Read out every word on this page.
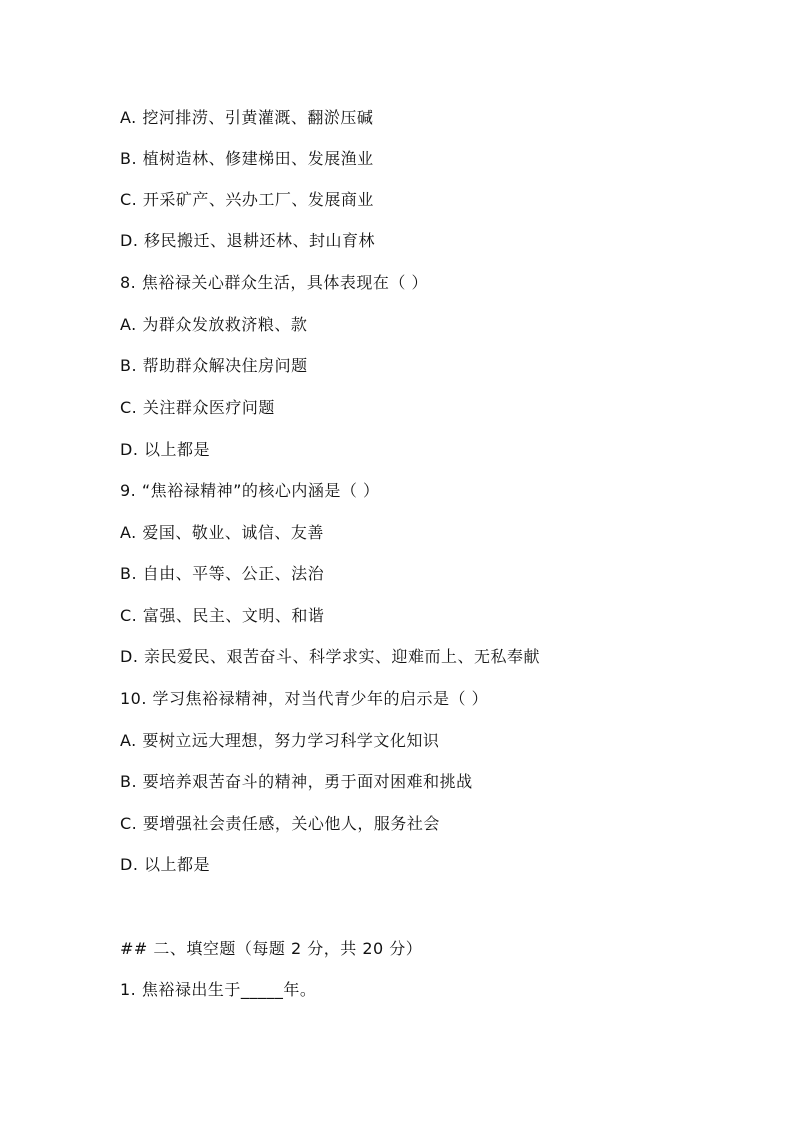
A. 挖河排涝、引黄灌溉、翻淤压碱
B. 植树造林、修建梯田、发展渔业
C. 开采矿产、兴办工厂、发展商业
D. 移民搬迁、退耕还林、封山育林
8. 焦裕禄关心群众生活，具体表现在（ ）
A. 为群众发放救济粮、款
B. 帮助群众解决住房问题
C. 关注群众医疗问题
D. 以上都是
9. “焦裕禄精神”的核心内涵是（ ）
A. 爱国、敬业、诚信、友善
B. 自由、平等、公正、法治
C. 富强、民主、文明、和谐
D. 亲民爱民、艰苦奋斗、科学求实、迎难而上、无私奉献
10. 学习焦裕禄精神，对当代青少年的启示是（ ）
A. 要树立远大理想，努力学习科学文化知识
B. 要培养艰苦奋斗的精神，勇于面对困难和挑战
C. 要增强社会责任感，关心他人，服务社会
D. 以上都是
## 二、填空题（每题 2 分，共 20 分）
1. 焦裕禄出生于_____年。
